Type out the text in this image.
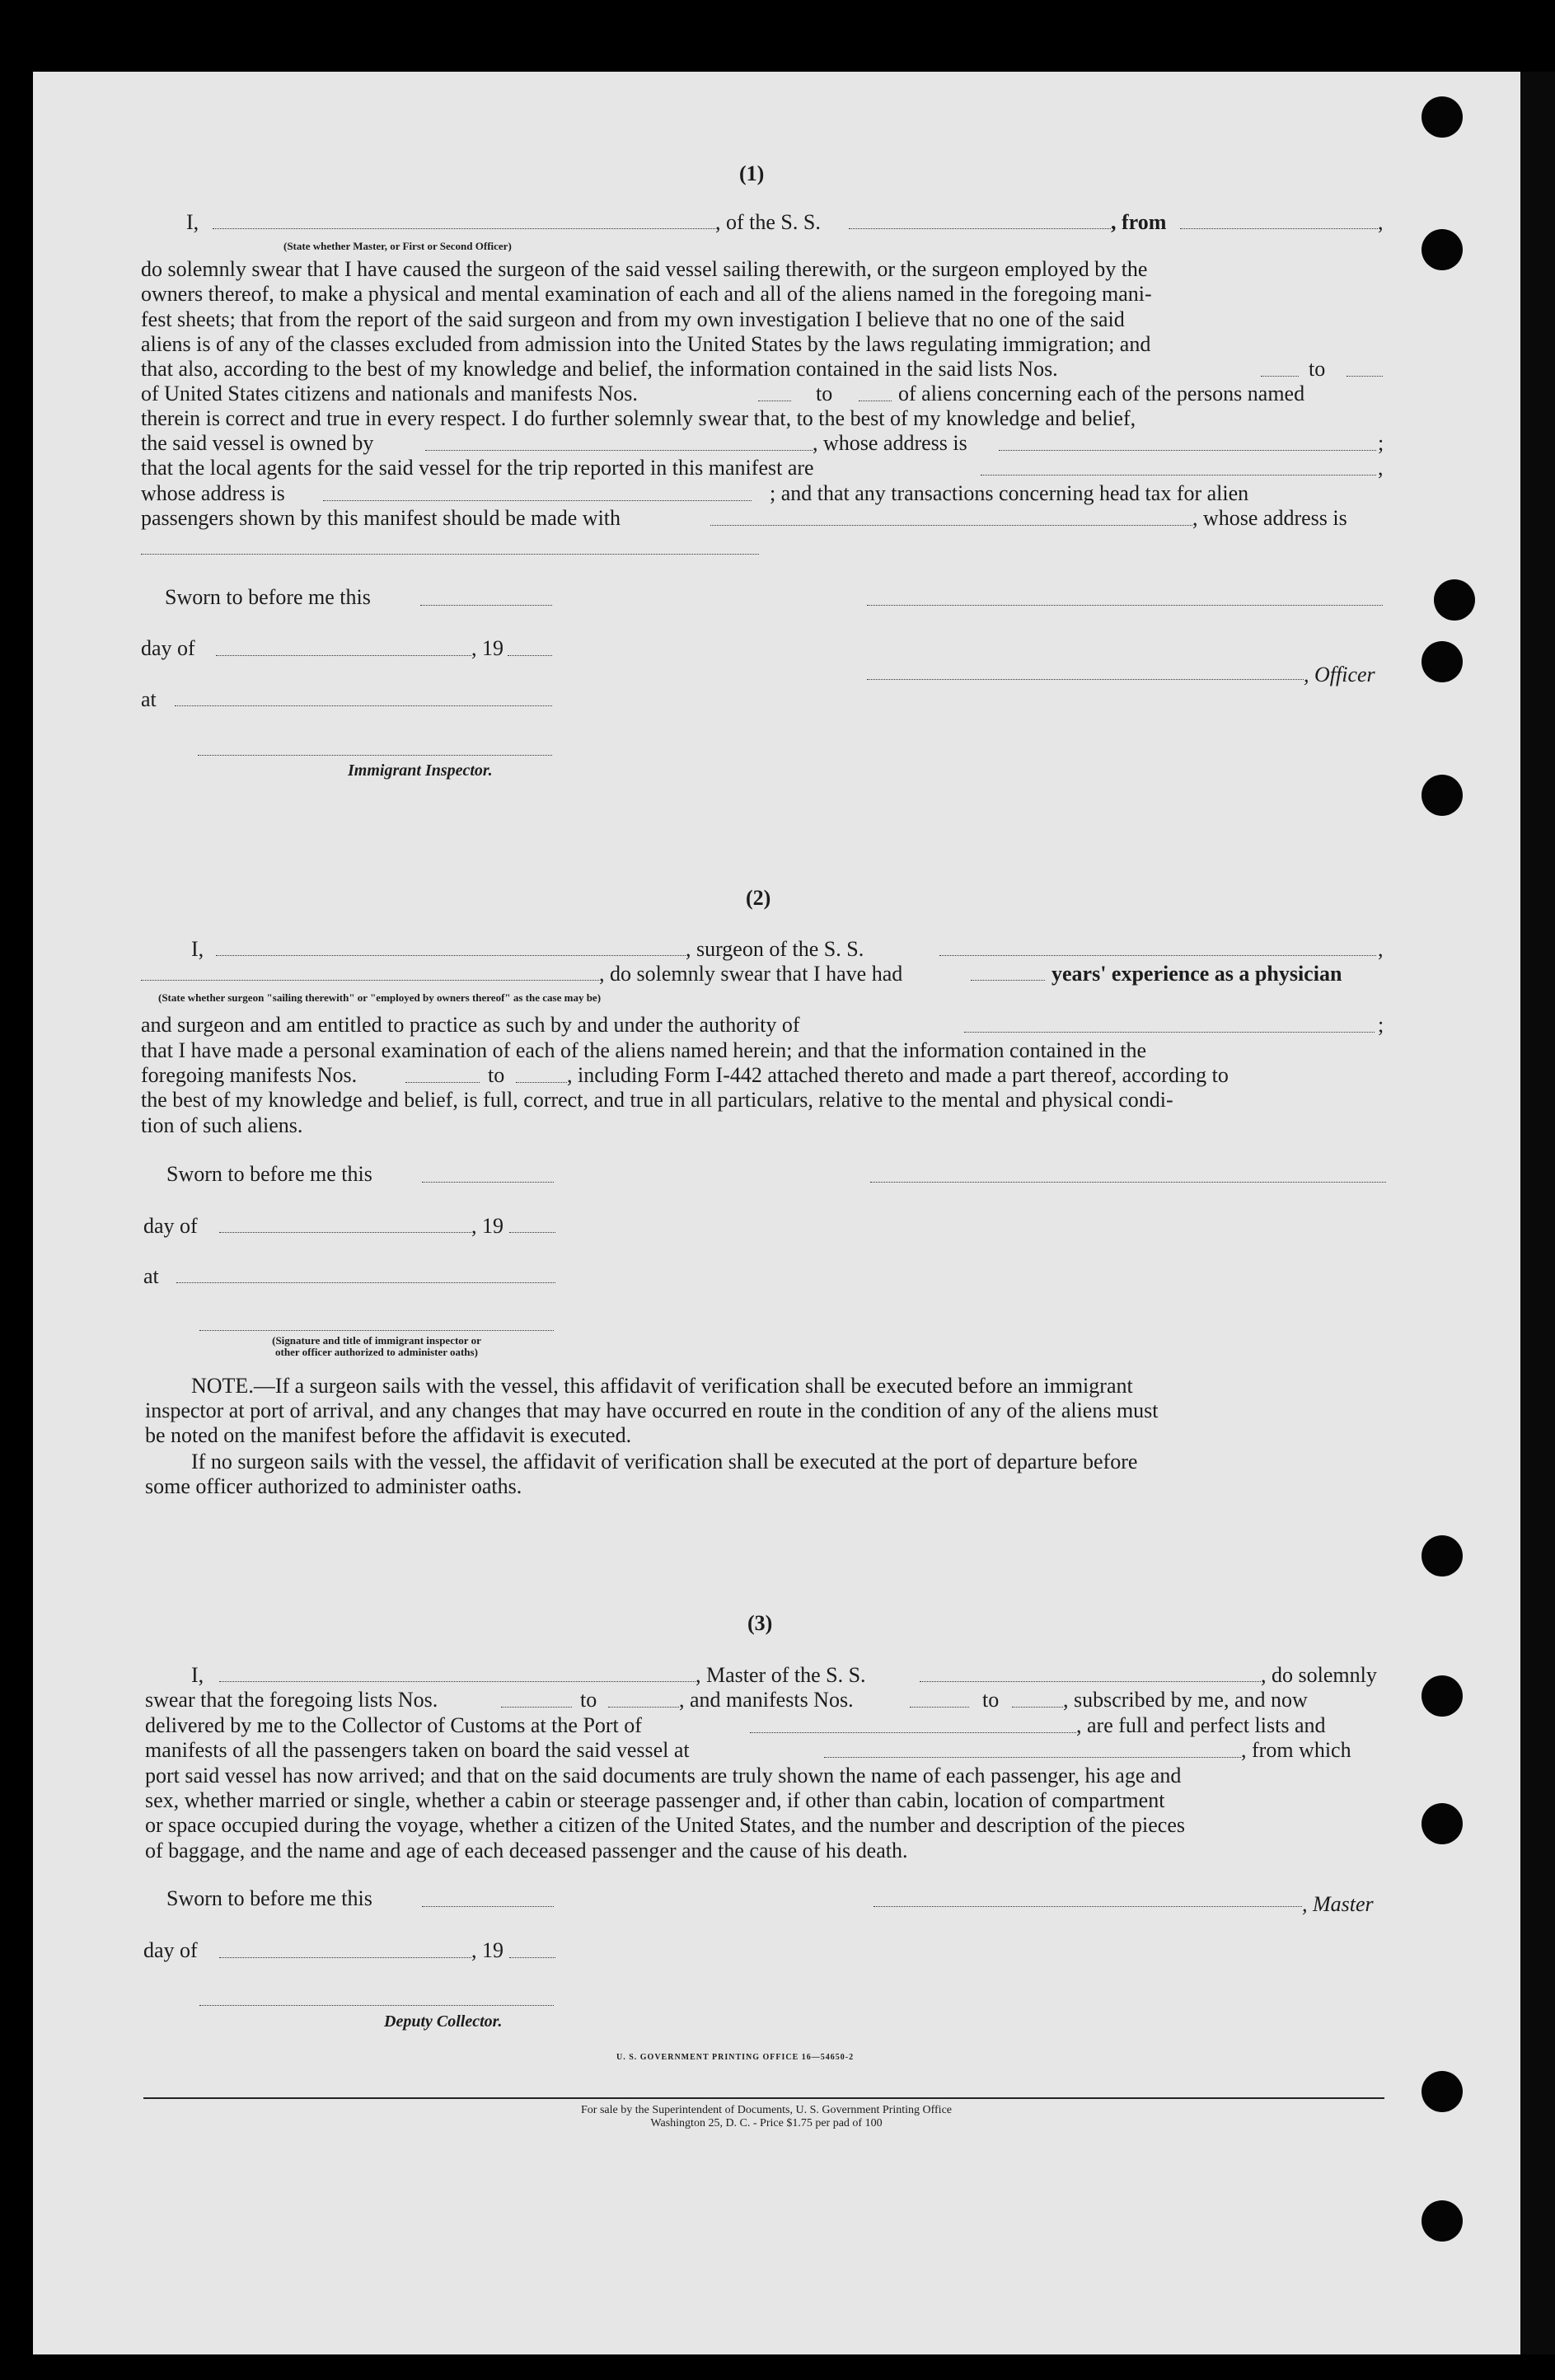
(1)
I,	, of the S. S.	, from	,
(State whether Master, or First or Second Officer)
do solemnly swear that I have caused the surgeon of the said vessel sailing therewith, or the surgeon employed by the
owners thereof, to make a physical and mental examination of each and all of the aliens named in the foregoing mani-
fest sheets; that from the report of the said surgeon and from my own investigation I believe that no one of the said
aliens is of any of the classes excluded from admission into the United States by the laws regulating immigration; and
that also, according to the best of my knowledge and belief, the information contained in the said lists Nos.	to
of United States citizens and nationals and manifests Nos.	to	of aliens concerning each of the persons named
therein is correct and true in every respect. I do further solemnly swear that, to the best of my knowledge and belief,
the said vessel is owned by	, whose address is	;
that the local agents for the said vessel for the trip reported in this manifest are	,
whose address is	; and that any transactions concerning head tax for alien
passengers shown by this manifest should be made with	, whose address is
Sworn to before me this
day of	, 19
, Officer
at
Immigrant Inspector.
(2)
I,	, surgeon of the S. S.	,
, do solemnly swear that I have had	years' experience as a physician
(State whether surgeon "sailing therewith" or "employed by owners thereof" as the case may be)
and surgeon and am entitled to practice as such by and under the authority of	;
that I have made a personal examination of each of the aliens named herein; and that the information contained in the
foregoing manifests Nos.	to	, including Form I-442 attached thereto and made a part thereof, according to
the best of my knowledge and belief, is full, correct, and true in all particulars, relative to the mental and physical condi-
tion of such aliens.
Sworn to before me this
day of	, 19
at
(Signature and title of immigrant inspector or
other officer authorized to administer oaths)
NOTE.—If a surgeon sails with the vessel, this affidavit of verification shall be executed before an immigrant
inspector at port of arrival, and any changes that may have occurred en route in the condition of any of the aliens must
be noted on the manifest before the affidavit is executed.
If no surgeon sails with the vessel, the affidavit of verification shall be executed at the port of departure before
some officer authorized to administer oaths.
(3)
I,	, Master of the S. S.	, do solemnly
swear that the foregoing lists Nos.	to	, and manifests Nos.	to	, subscribed by me, and now
delivered by me to the Collector of Customs at the Port of	, are full and perfect lists and
manifests of all the passengers taken on board the said vessel at	, from which
port said vessel has now arrived; and that on the said documents are truly shown the name of each passenger, his age and
sex, whether married or single, whether a cabin or steerage passenger and, if other than cabin, location of compartment
or space occupied during the voyage, whether a citizen of the United States, and the number and description of the pieces
of baggage, and the name and age of each deceased passenger and the cause of his death.
Sworn to before me this	, Master
day of	, 19
Deputy Collector.
U. S. GOVERNMENT PRINTING OFFICE 16—54650-2
For sale by the Superintendent of Documents, U. S. Government Printing Office
Washington 25, D. C. - Price $1.75 per pad of 100
